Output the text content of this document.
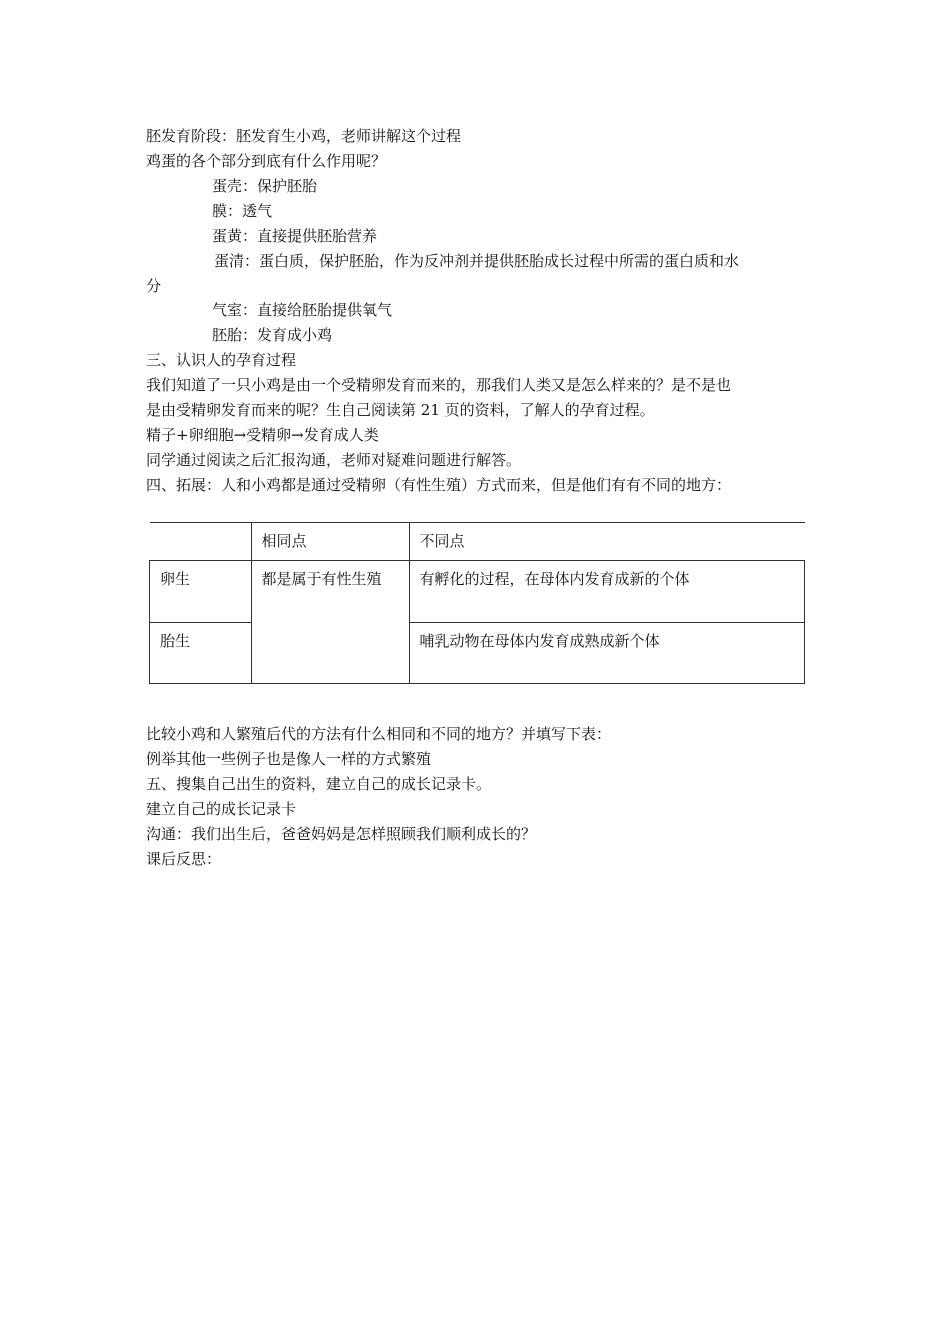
胚发育阶段：胚发育生小鸡，老师讲解这个过程
鸡蛋的各个部分到底有什么作用呢？
蛋壳：保护胚胎
膜：透气
蛋黄：直接提供胚胎营养
蛋清：蛋白质，保护胚胎，作为反冲剂并提供胚胎成长过程中所需的蛋白质和水
分
气室：直接给胚胎提供氧气
胚胎：发育成小鸡
三、认识人的孕育过程
我们知道了一只小鸡是由一个受精卵发育而来的，那我们人类又是怎么样来的？是不是也
是由受精卵发育而来的呢？生自己阅读第 21 页的资料，了解人的孕育过程。
精子+卵细胞→受精卵→发育成人类
同学通过阅读之后汇报沟通，老师对疑难问题进行解答。
四、拓展：人和小鸡都是通过受精卵（有性生殖）方式而来，但是他们有有不同的地方：
	相同点	不同点
卵生	都是属于有性生殖	有孵化的过程，在母体内发育成新的个体
胎生		哺乳动物在母体内发育成熟成新个体
比较小鸡和人繁殖后代的方法有什么相同和不同的地方？并填写下表：
例举其他一些例子也是像人一样的方式繁殖
五、搜集自己出生的资料，建立自己的成长记录卡。
建立自己的成长记录卡
沟通：我们出生后，爸爸妈妈是怎样照顾我们顺利成长的？
课后反思：
